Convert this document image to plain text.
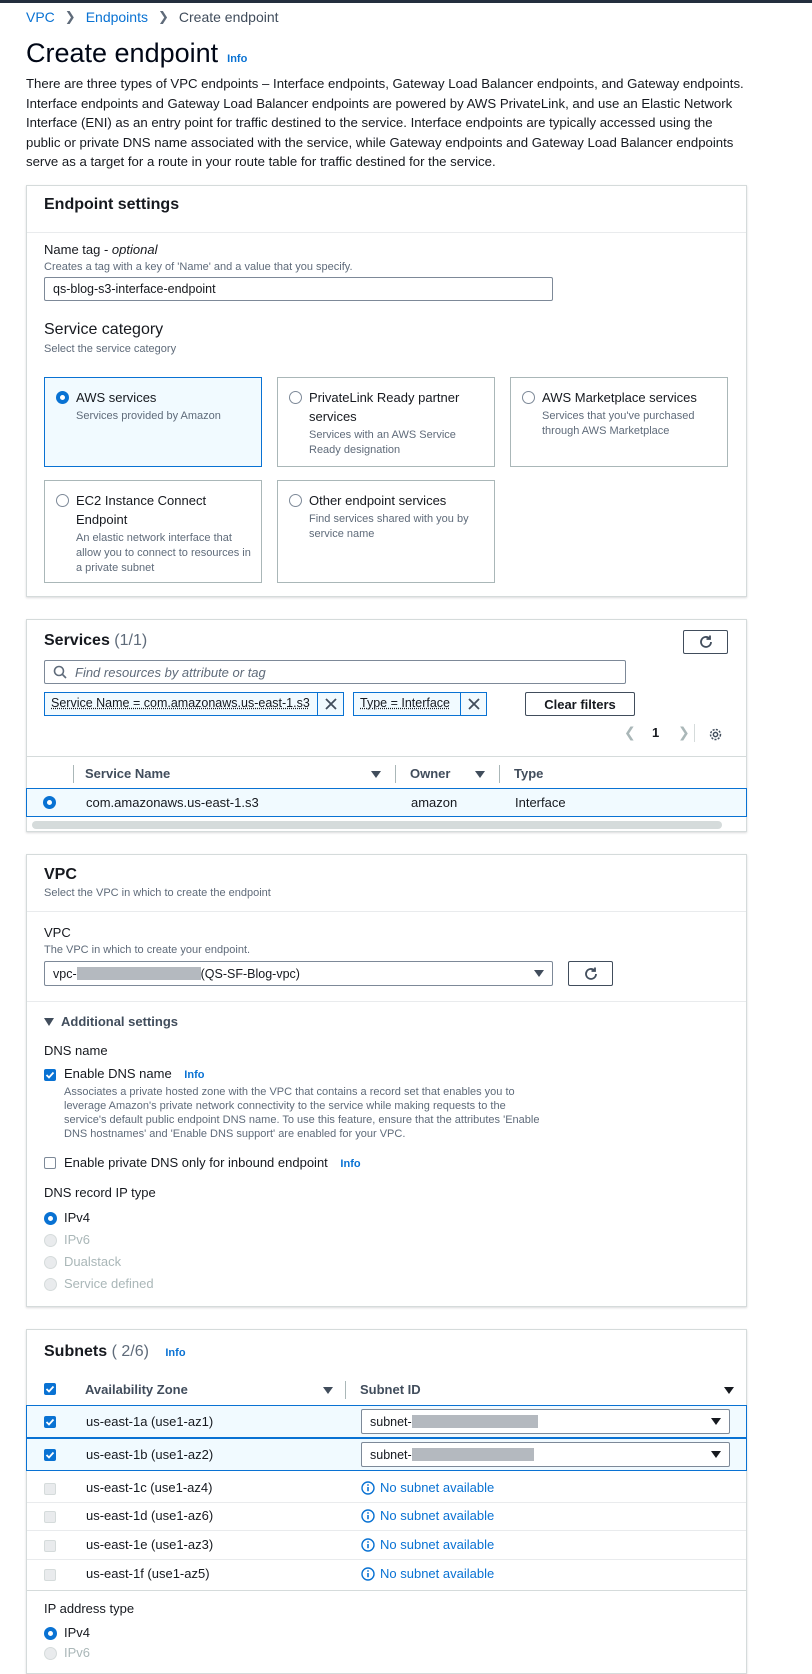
VPC ❯ Endpoints ❯ Create endpoint
Create endpoint Info
There are three types of VPC endpoints – Interface endpoints, Gateway Load Balancer endpoints, and Gateway endpoints. Interface endpoints and Gateway Load Balancer endpoints are powered by AWS PrivateLink, and use an Elastic Network Interface (ENI) as an entry point for traffic destined to the service. Interface endpoints are typically accessed using the public or private DNS name associated with the service, while Gateway endpoints and Gateway Load Balancer endpoints serve as a target for a route in your route table for traffic destined for the service.
Endpoint settings
Name tag - optional
Creates a tag with a key of 'Name' and a value that you specify.
qs-blog-s3-interface-endpoint
Service category
Select the service category
AWS services
Services provided by Amazon
PrivateLink Ready partner services
Services with an AWS Service Ready designation
AWS Marketplace services
Services that you've purchased through AWS Marketplace
EC2 Instance Connect Endpoint
An elastic network interface that allow you to connect to resources in a private subnet
Other endpoint services
Find services shared with you by service name
Services (1/1)
Find resources by attribute or tag
Service Name = com.amazonaws.us-east-1.s3	Type = Interface	Clear filters
❮ 1 ❯
Service Name	Owner	Type
com.amazonaws.us-east-1.s3	amazon	Interface
VPC
Select the VPC in which to create the endpoint
VPC
The VPC in which to create your endpoint.
vpc-	(QS-SF-Blog-vpc)
Additional settings
DNS name
Enable DNS name Info
Associates a private hosted zone with the VPC that contains a record set that enables you to leverage Amazon's private network connectivity to the service while making requests to the service's default public endpoint DNS name. To use this feature, ensure that the attributes 'Enable DNS hostnames' and 'Enable DNS support' are enabled for your VPC.
Enable private DNS only for inbound endpoint Info
DNS record IP type
IPv4
IPv6
Dualstack
Service defined
Subnets ( 2/6) Info
Availability Zone	Subnet ID
us-east-1a (use1-az1)	subnet-
us-east-1b (use1-az2)	subnet-
us-east-1c (use1-az4)	No subnet available
us-east-1d (use1-az6)	No subnet available
us-east-1e (use1-az3)	No subnet available
us-east-1f (use1-az5)	No subnet available
IP address type
IPv4
IPv6
